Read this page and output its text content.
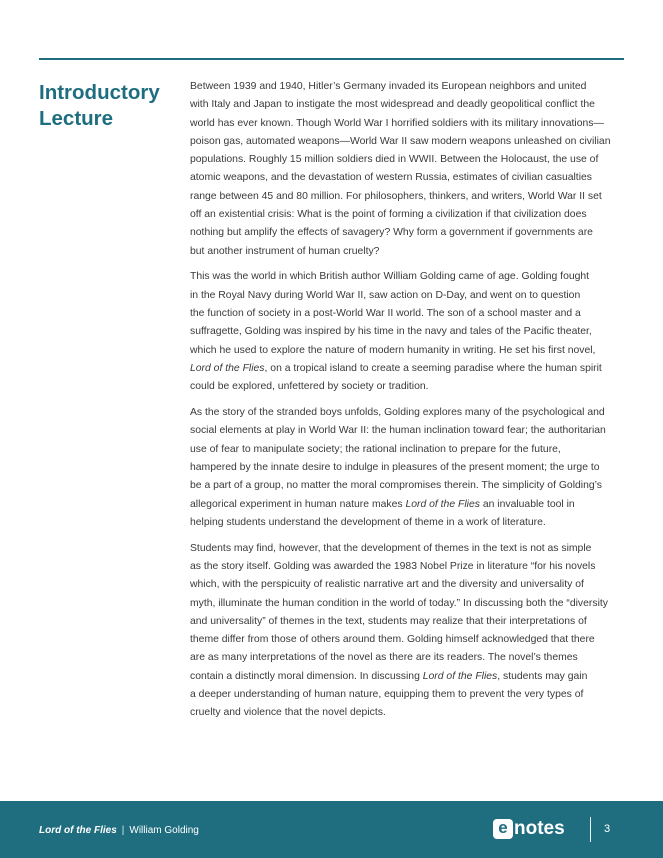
Introductory
Lecture

Between 1939 and 1940, Hitler’s Germany invaded its European neighbors and united
with Italy and Japan to instigate the most widespread and deadly geopolitical conflict the
world has ever known. Though World War I horrified soldiers with its military innovations—
poison gas, automated weapons—World War II saw modern weapons unleashed on civilian
populations. Roughly 15 million soldiers died in WWII. Between the Holocaust, the use of
atomic weapons, and the devastation of western Russia, estimates of civilian casualties
range between 45 and 80 million. For philosophers, thinkers, and writers, World War II set
off an existential crisis: What is the point of forming a civilization if that civilization does
nothing but amplify the effects of savagery? Why form a government if governments are
but another instrument of human cruelty?

This was the world in which British author William Golding came of age. Golding fought
in the Royal Navy during World War II, saw action on D-Day, and went on to question
the function of society in a post-World War II world. The son of a school master and a
suffragette, Golding was inspired by his time in the navy and tales of the Pacific theater,
which he used to explore the nature of modern humanity in writing. He set his first novel,
Lord of the Flies, on a tropical island to create a seeming paradise where the human spirit
could be explored, unfettered by society or tradition.

As the story of the stranded boys unfolds, Golding explores many of the psychological and
social elements at play in World War II: the human inclination toward fear; the authoritarian
use of fear to manipulate society; the rational inclination to prepare for the future,
hampered by the innate desire to indulge in pleasures of the present moment; the urge to
be a part of a group, no matter the moral compromises therein. The simplicity of Golding’s
allegorical experiment in human nature makes Lord of the Flies an invaluable tool in
helping students understand the development of theme in a work of literature.

Students may find, however, that the development of themes in the text is not as simple
as the story itself. Golding was awarded the 1983 Nobel Prize in literature “for his novels
which, with the perspicuity of realistic narrative art and the diversity and universality of
myth, illuminate the human condition in the world of today.” In discussing both the “diversity
and universality” of themes in the text, students may realize that their interpretations of
theme differ from those of others around them. Golding himself acknowledged that there
are as many interpretations of the novel as there are its readers. The novel’s themes
contain a distinctly moral dimension. In discussing Lord of the Flies, students may gain
a deeper understanding of human nature, equipping them to prevent the very types of
cruelty and violence that the novel depicts.

Lord of the Flies | William Golding	e notes	3
